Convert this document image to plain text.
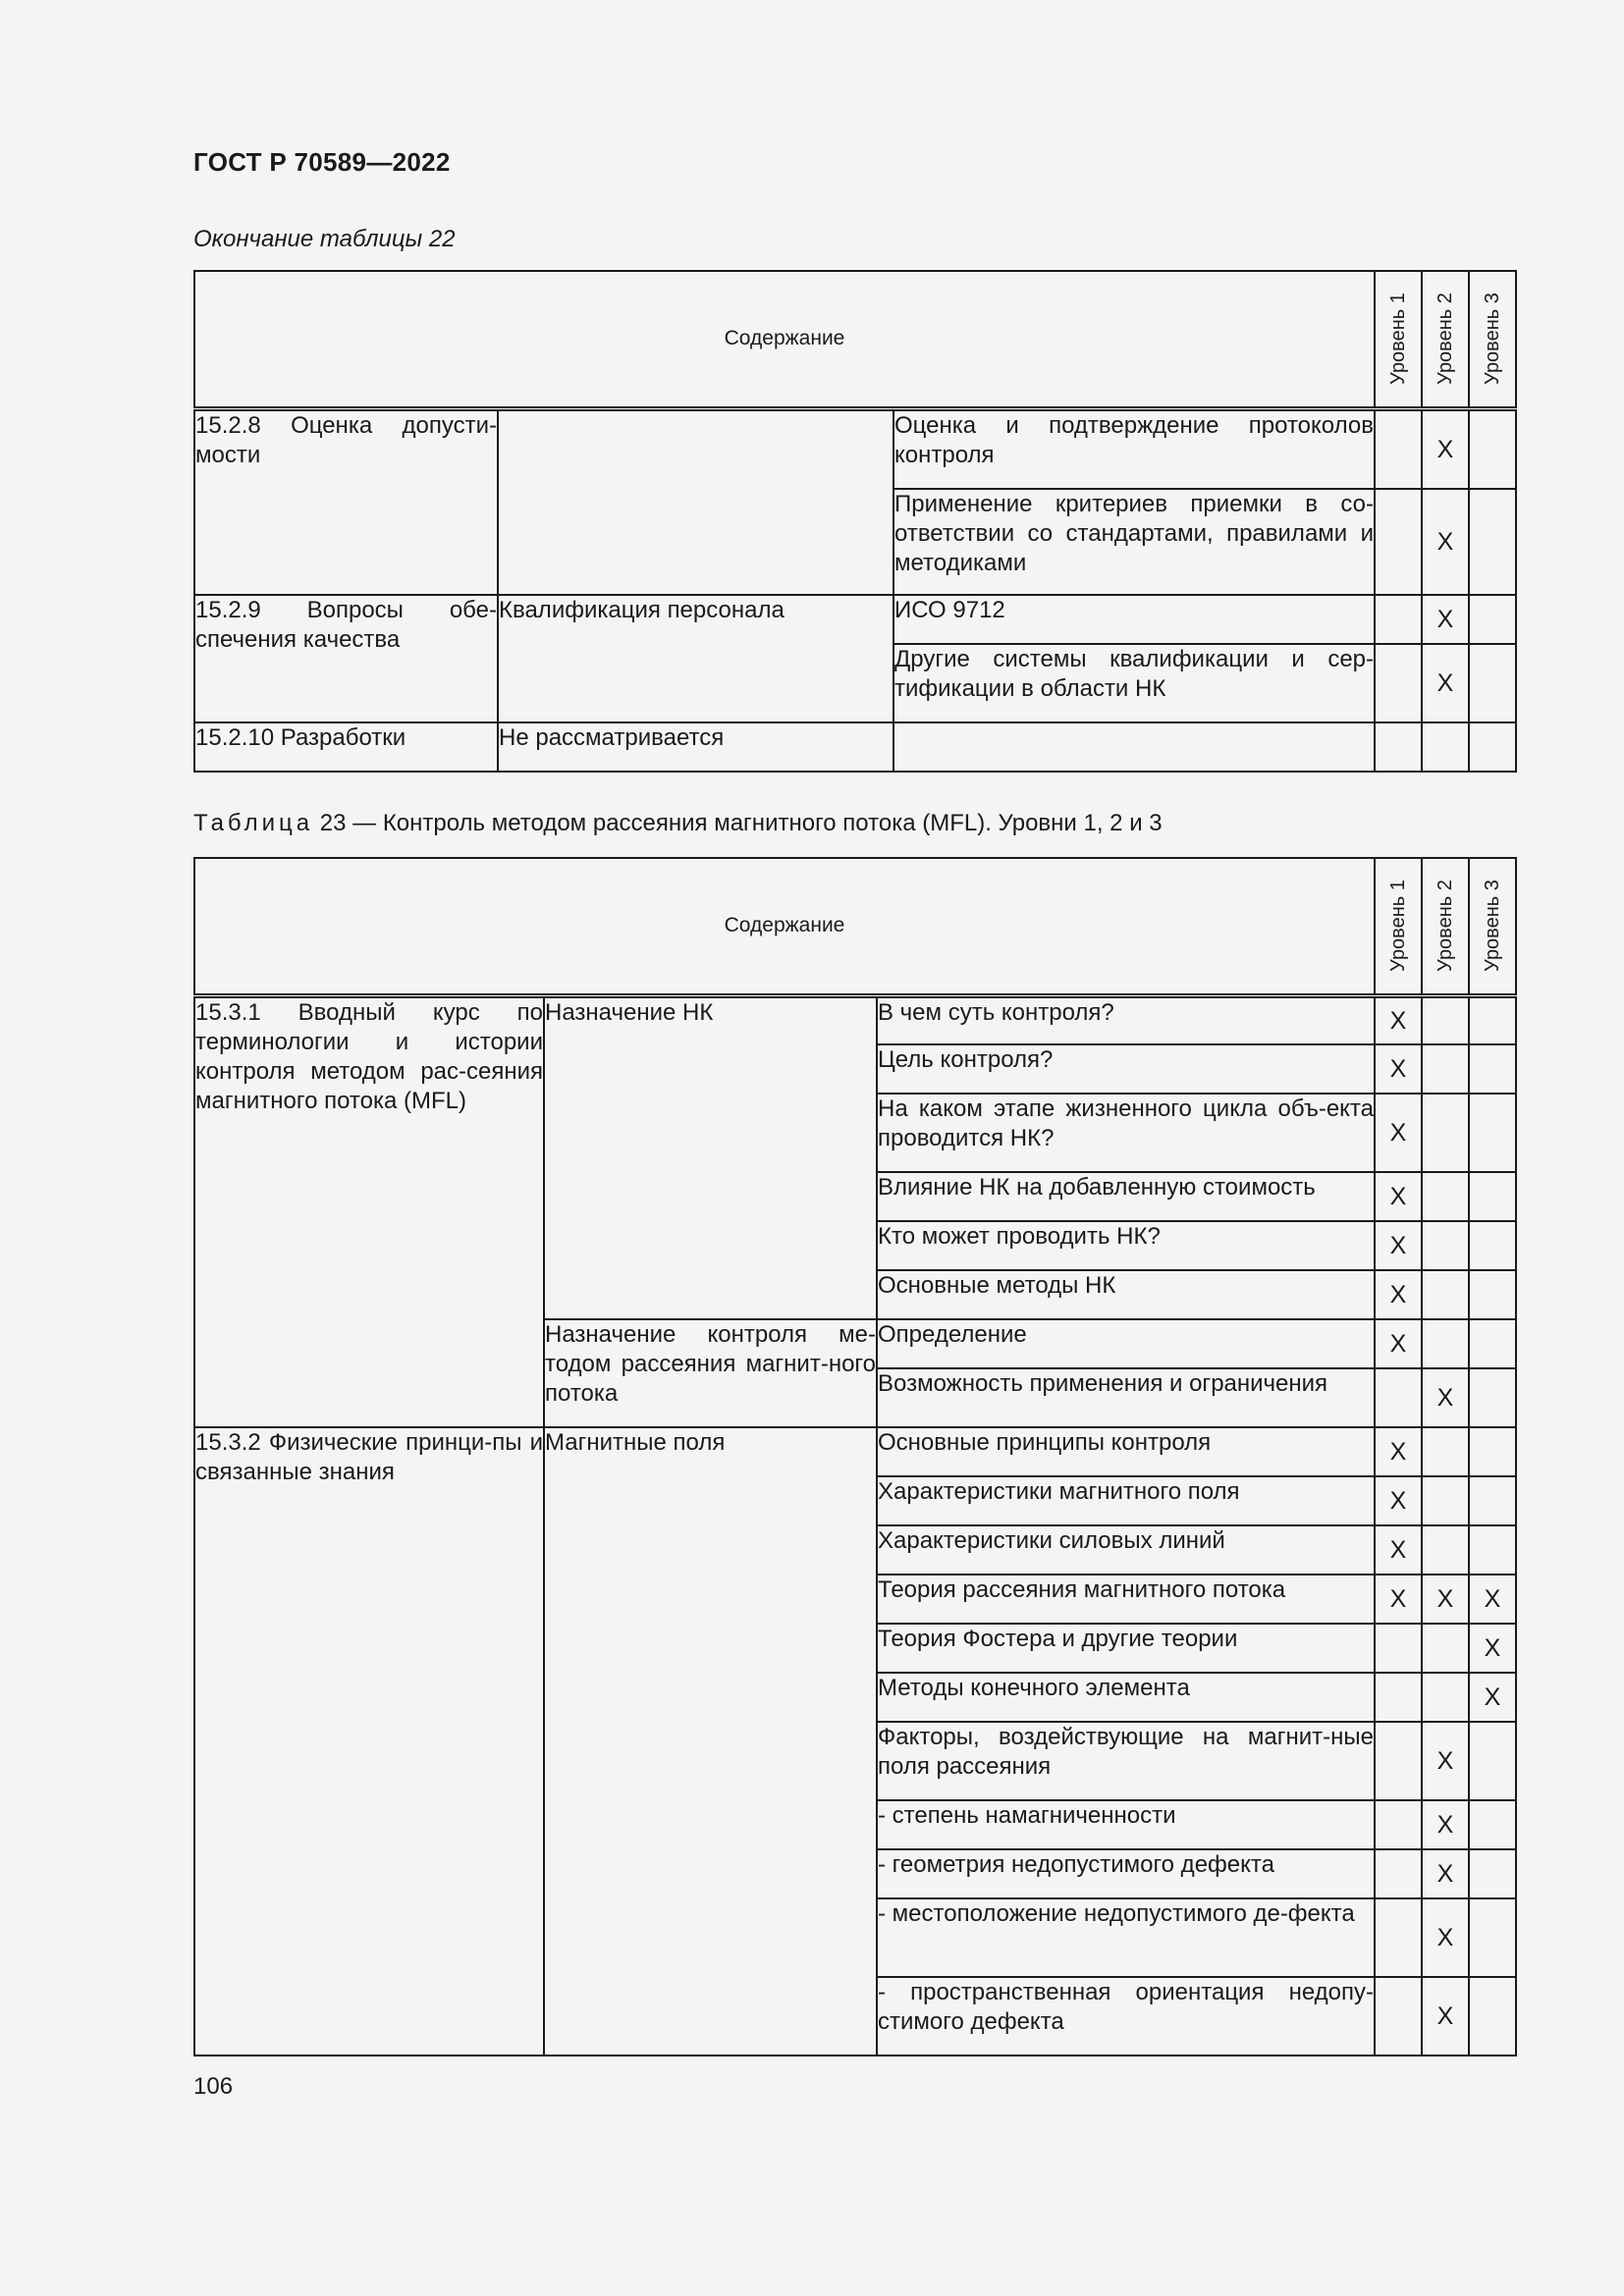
ГОСТ Р 70589—2022
Окончание таблицы 22
Содержание			Уровень 1	Уровень 2	Уровень 3

15.2.8 Оценка допусти-мости		Оценка и подтверждение протоколов контроля		X	
		Применение критериев приемки в со-ответствии со стандартами, правилами и методиками		X	
15.2.9 Вопросы обе-спечения качества	Квалификация персонала	ИСО 9712		X	
		Другие системы квалификации и сер-тификации в области НК		X	
15.2.10 Разработки	Не рассматривается				
Таблица 23 — Контроль методом рассеяния магнитного потока (MFL). Уровни 1, 2 и 3
Содержание			Уровень 1	Уровень 2	Уровень 3

15.3.1 Вводный курс по терминологии и истории контроля методом рас-сеяния магнитного потока (MFL)	Назначение НК	В чем суть контроля?	X		
		Цель контроля?	X		
		На каком этапе жизненного цикла объ-екта проводится НК?	X		
		Влияние НК на добавленную стоимость	X		
		Кто может проводить НК?	X		
		Основные методы НК	X		
	Назначение контроля ме-тодом рассеяния магнит-ного потока	Определение	X		
		Возможность применения и ограничения		X	
15.3.2 Физические принци-пы и связанные знания	Магнитные поля	Основные принципы контроля	X		
		Характеристики магнитного поля	X		
		Характеристики силовых линий	X		
		Теория рассеяния магнитного потока	X	X	X
		Теория Фостера и другие теории			X
		Методы конечного элемента			X
		Факторы, воздействующие на магнит-ные поля рассеяния		X	
		- степень намагниченности		X	
		- геометрия недопустимого дефекта		X	
		- местоположение недопустимого де-фекта		X	
		- пространственная ориентация недопу-стимого дефекта		X	
106
